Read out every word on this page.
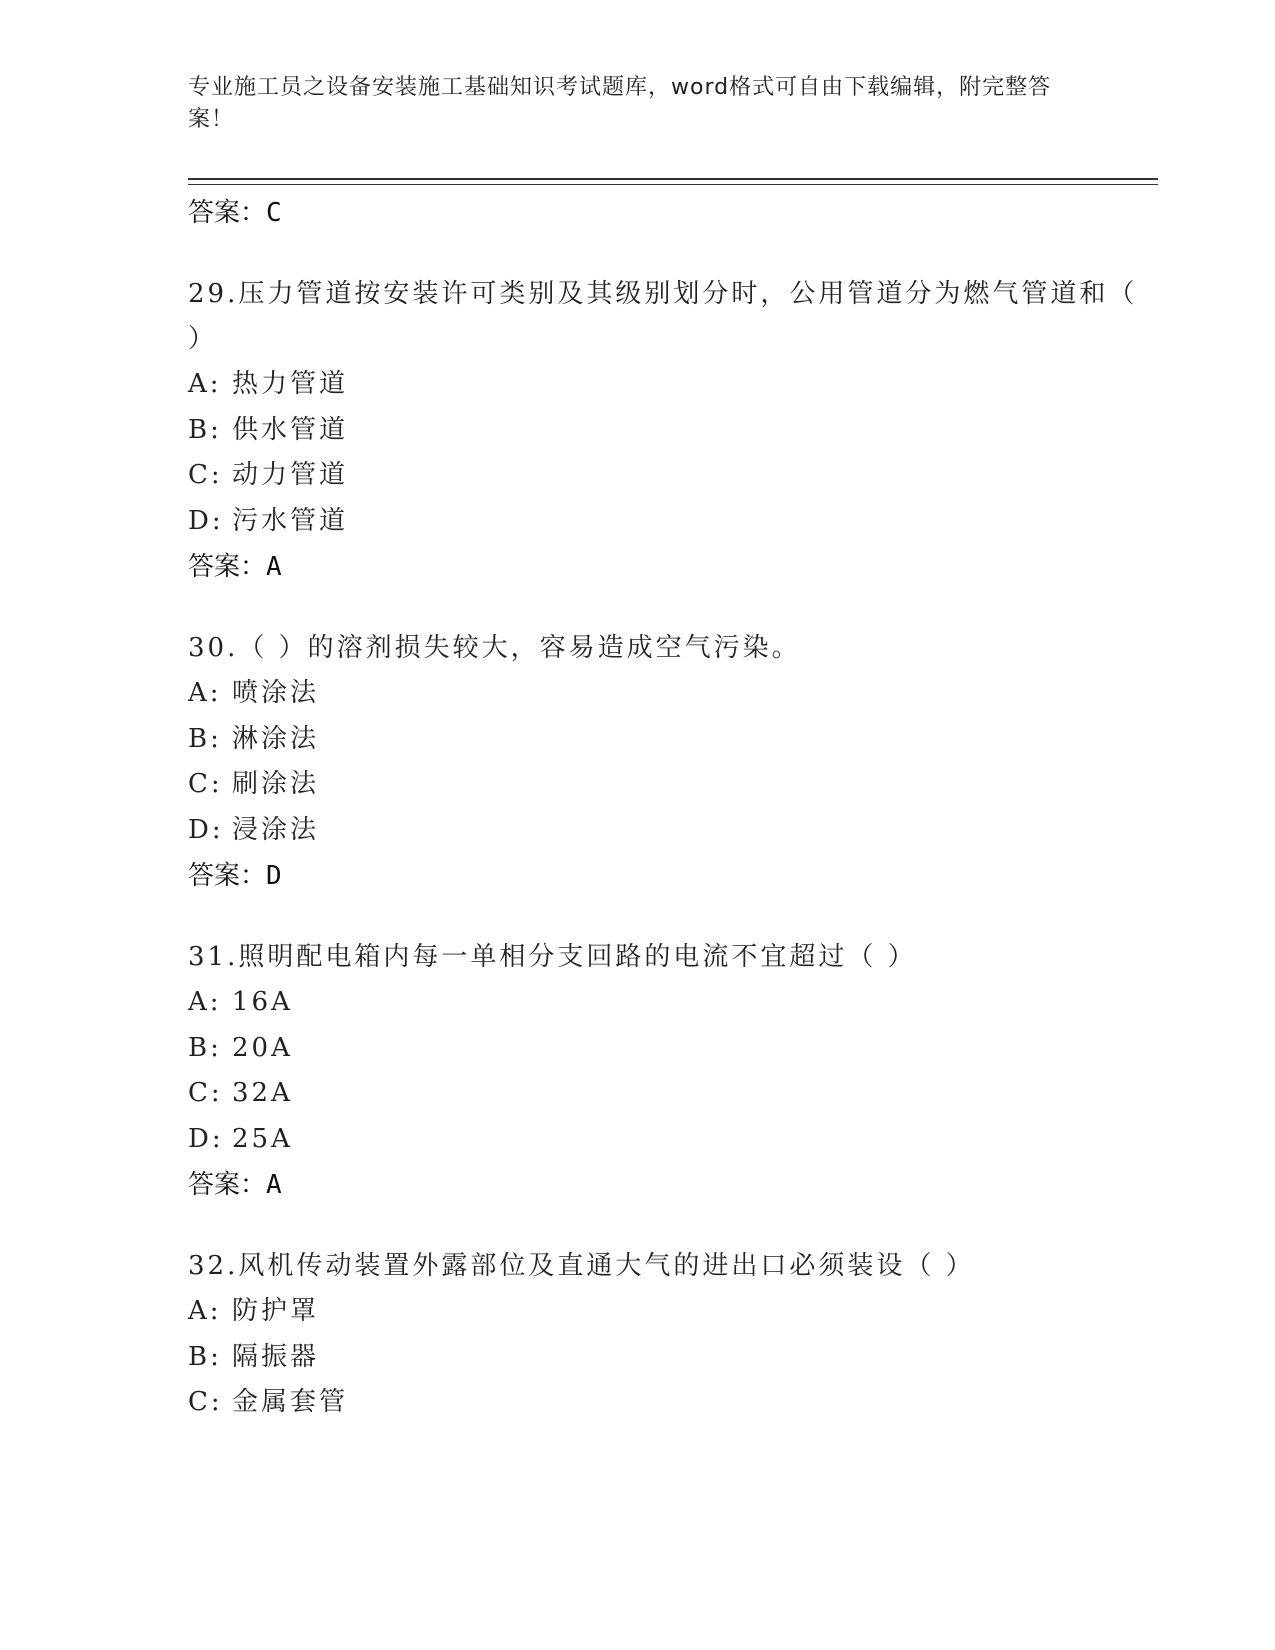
专业施工员之设备安装施工基础知识考试题库，word格式可自由下载编辑，附完整答案！
答案：C
29.压力管道按安装许可类别及其级别划分时，公用管道分为燃气管道和（ ）
A: 热力管道
B: 供水管道
C: 动力管道
D: 污水管道
答案：A
30.（ ）的溶剂损失较大，容易造成空气污染。
A: 喷涂法
B: 淋涂法
C: 刷涂法
D: 浸涂法
答案：D
31.照明配电箱内每一单相分支回路的电流不宜超过（ ）
A: 16A
B: 20A
C: 32A
D: 25A
答案：A
32.风机传动装置外露部位及直通大气的进出口必须装设（ ）
A: 防护罩
B: 隔振器
C: 金属套管
